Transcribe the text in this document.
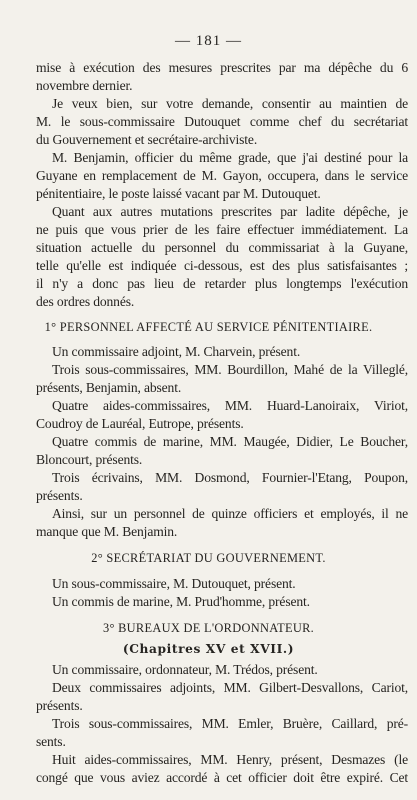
— 181 —
mise à exécution des mesures prescrites par ma dépêche du 6
novembre dernier.
Je veux bien, sur votre demande, consentir au maintien de
M. le sous-commissaire Dutouquet comme chef du secrétariat
du Gouvernement et secrétaire-archiviste.
M. Benjamin, officier du même grade, que j'ai destiné pour la
Guyane en remplacement de M. Gayon, occupera, dans le service
pénitentiaire, le poste laissé vacant par M. Dutouquet.
Quant aux autres mutations prescrites par ladite dépêche, je
ne puis que vous prier de les faire effectuer immédiatement. La
situation actuelle du personnel du commissariat à la Guyane,
telle qu'elle est indiquée ci-dessous, est des plus satisfaisantes ;
il n'y a donc pas lieu de retarder plus longtemps l'exécution
des ordres donnés.
1° PERSONNEL AFFECTÉ AU SERVICE PÉNITENTIAIRE.
Un commissaire adjoint, M. Charvein, présent.
Trois sous-commissaires, MM. Bourdillon, Mahé de la Villeglé,
présents, Benjamin, absent.
Quatre aides-commissaires, MM. Huard-Lanoiraix, Viriot,
Coudroy de Lauréal, Eutrope, présents.
Quatre commis de marine, MM. Maugée, Didier, Le Boucher,
Bloncourt, présents.
Trois écrivains, MM. Dosmond, Fournier-l'Etang, Poupon,
présents.
Ainsi, sur un personnel de quinze officiers et employés, il ne
manque que M. Benjamin.
2° SECRÉTARIAT DU GOUVERNEMENT.
Un sous-commissaire, M. Dutouquet, présent.
Un commis de marine, M. Prud'homme, présent.
3° BUREAUX DE L'ORDONNATEUR.
(Chapitres XV et XVII.)
Un commissaire, ordonnateur, M. Trédos, présent.
Deux commissaires adjoints, MM. Gilbert-Desvallons, Cariot,
présents.
Trois sous-commissaires, MM. Emler, Bruère, Caillard, pré-
sents.
Huit aides-commissaires, MM. Henry, présent, Desmazes (le
congé que vous aviez accordé à cet officier doit être expiré. Cet
